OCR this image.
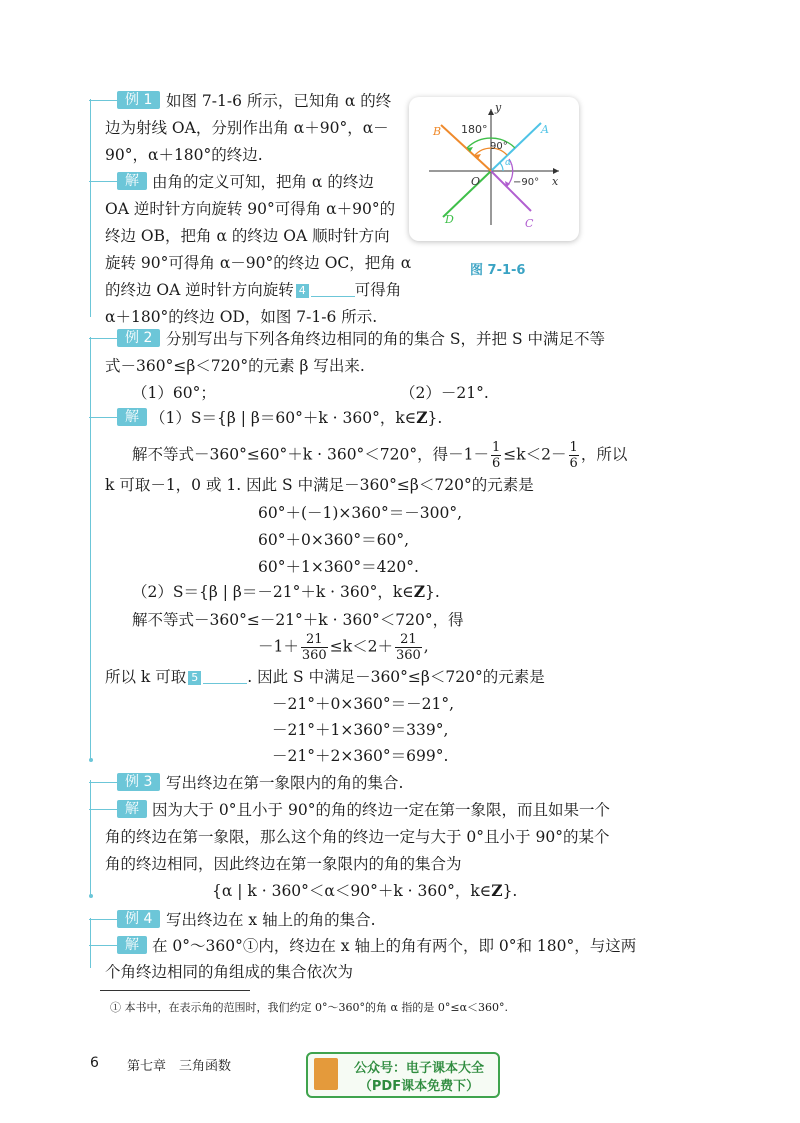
例 1 如图 7-1-6 所示，已知角 α 的终
边为射线 OA，分别作出角 α＋90°，α－
90°，α＋180°的终边.
解 由角的定义可知，把角 α 的终边
OA 逆时针方向旋转 90°可得角 α＋90°的
终边 OB，把角 α 的终边 OA 顺时针方向
旋转 90°可得角 α－90°的终边 OC，把角 α
的终边 OA 逆时针方向旋转 4	可得角
α＋180°的终边 OD，如图 7-1-6 所示.
y
x
O
A
B
C
D
180°
90°
α
−90°
图 7-1-6
例 2 分别写出与下列各角终边相同的角的集合 S，并把 S 中满足不等
式－360°≤β＜720°的元素 β 写出来.
（1）60°；	（2）－21°.
解 （1）S＝{β | β＝60°＋k · 360°，k∈Z}.
解不等式－360°≤60°＋k · 360°＜720°，得$-1- \frac{1}{6} \le k<2- \frac{1}{6}$ ，所以
k 可取－1，0 或 1. 因此 S 中满足－360°≤β＜720°的元素是
60°＋(－1)×360°＝－300°,
60°＋0×360°＝60°,
60°＋1×360°＝420°.
（2）S＝{β | β＝－21°＋k · 360°，k∈Z}.
解不等式－360°≤－21°＋k · 360°＜720°，得
$-1+ \frac{21}{360} \le k<2+ \frac{21}{360}$ ,
所以 k 可取 5	. 因此 S 中满足－360°≤β＜720°的元素是
－21°＋0×360°＝－21°,
－21°＋1×360°＝339°,
－21°＋2×360°＝699°.
例 3 写出终边在第一象限内的角的集合.
解 因为大于 0°且小于 90°的角的终边一定在第一象限，而且如果一个
角的终边在第一象限，那么这个角的终边一定与大于 0°且小于 90°的某个
角的终边相同，因此终边在第一象限内的角的集合为
{α | k · 360°＜α＜90°＋k · 360°，k∈Z}.
例 4 写出终边在 x 轴上的角的集合.
解 在 0°～360°①内，终边在 x 轴上的角有两个，即 0°和 180°，与这两
个角终边相同的角组成的集合依次为
① 本书中，在表示角的范围时，我们约定 0°～360°的角 α 指的是 0°≤α＜360°.
6 第七章　三角函数	公众号：电子课本大全
（PDF课本免费下）
